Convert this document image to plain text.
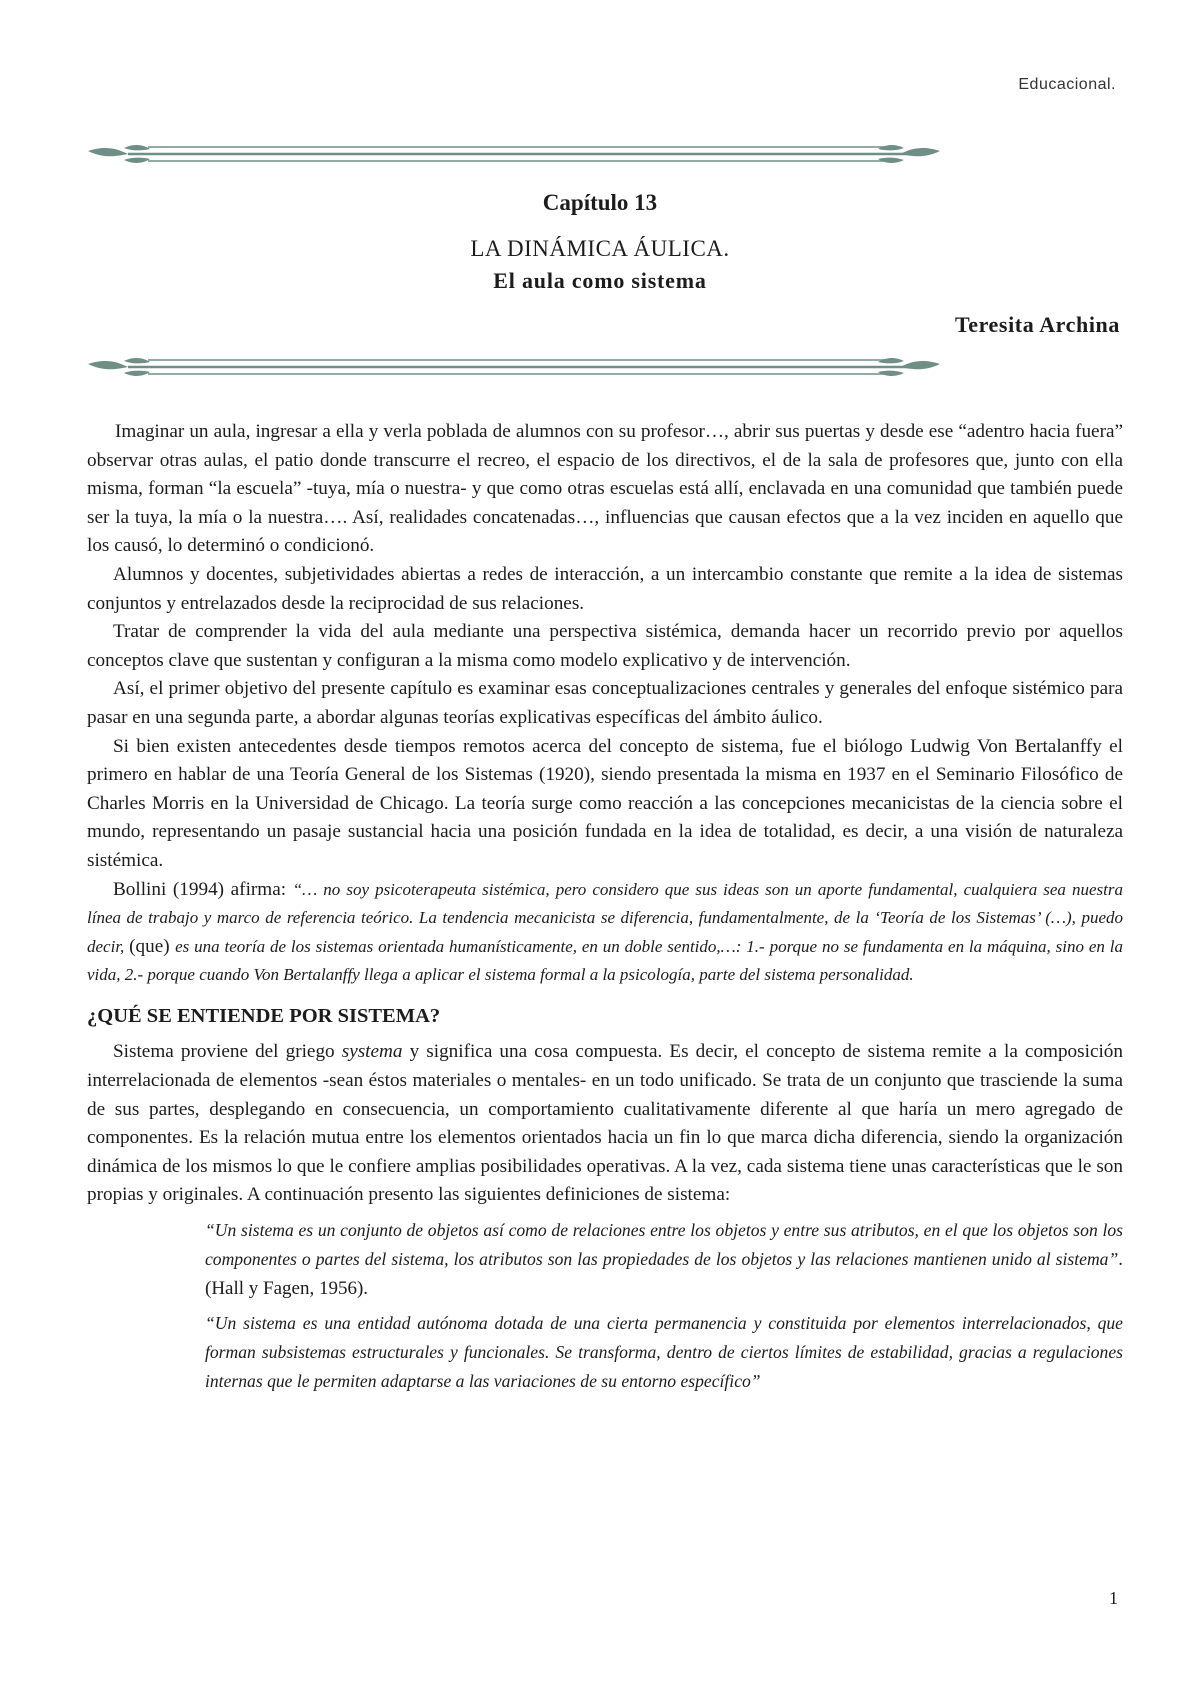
Educacional.
Capítulo 13
LA DINÁMICA ÁULICA.
El aula como sistema
Teresita Archina

Imaginar un aula, ingresar a ella y verla poblada de alumnos con su profesor…, abrir sus puertas y desde ese “adentro hacia fuera” observar otras aulas, el patio donde transcurre el recreo, el espacio de los directivos, el de la sala de profesores que, junto con ella misma, forman “la escuela” -tuya, mía o nuestra- y que como otras escuelas está allí, enclavada en una comunidad que también puede ser la tuya, la mía o la nuestra…. Así, realidades concatenadas…, influencias que causan efectos que a la vez inciden en aquello que los causó, lo determinó o condicionó.

Alumnos y docentes, subjetividades abiertas a redes de interacción, a un intercambio constante que remite a la idea de sistemas conjuntos y entrelazados desde la reciprocidad de sus relaciones.

Tratar de comprender la vida del aula mediante una perspectiva sistémica, demanda hacer un recorrido previo por aquellos conceptos clave que sustentan y configuran a la misma como modelo explicativo y de intervención.

Así, el primer objetivo del presente capítulo es examinar esas conceptualizaciones centrales y generales del enfoque sistémico para pasar en una segunda parte, a abordar algunas teorías explicativas específicas del ámbito áulico.

Si bien existen antecedentes desde tiempos remotos acerca del concepto de sistema, fue el biólogo Ludwig Von Bertalanffy el primero en hablar de una Teoría General de los Sistemas (1920), siendo presentada la misma en 1937 en el Seminario Filosófico de Charles Morris en la Universidad de Chicago. La teoría surge como reacción a las concepciones mecanicistas de la ciencia sobre el mundo, representando un pasaje sustancial hacia una posición fundada en la idea de totalidad, es decir, a una visión de naturaleza sistémica.

Bollini (1994) afirma: “… no soy psicoterapeuta sistémica, pero considero que sus ideas son un aporte fundamental, cualquiera sea nuestra línea de trabajo y marco de referencia teórico. La tendencia mecanicista se diferencia, fundamentalmente, de la ‘Teoría de los Sistemas’ (…), puedo decir, (que) es una teoría de los sistemas orientada humanísticamente, en un doble sentido,…: 1.- porque no se fundamenta en la máquina, sino en la vida, 2.- porque cuando Von Bertalanffy llega a aplicar el sistema formal a la psicología, parte del sistema personalidad.

¿QUÉ SE ENTIENDE POR SISTEMA?

Sistema proviene del griego systema y significa una cosa compuesta. Es decir, el concepto de sistema remite a la composición interrelacionada de elementos -sean éstos materiales o mentales- en un todo unificado. Se trata de un conjunto que trasciende la suma de sus partes, desplegando en consecuencia, un comportamiento cualitativamente diferente al que haría un mero agregado de componentes. Es la relación mutua entre los elementos orientados hacia un fin lo que marca dicha diferencia, siendo la organización dinámica de los mismos lo que le confiere amplias posibilidades operativas. A la vez, cada sistema tiene unas características que le son propias y originales. A continuación presento las siguientes definiciones de sistema:

“Un sistema es un conjunto de objetos así como de relaciones entre los objetos y entre sus atributos, en el que los objetos son los componentes o partes del sistema, los atributos son las propiedades de los objetos y las relaciones mantienen unido al sistema”. (Hall y Fagen, 1956).

“Un sistema es una entidad autónoma dotada de una cierta permanencia y constituida por elementos interrelacionados, que forman subsistemas estructurales y funcionales. Se transforma, dentro de ciertos límites de estabilidad, gracias a regulaciones internas que le permiten adaptarse a las variaciones de su entorno específico”

1
